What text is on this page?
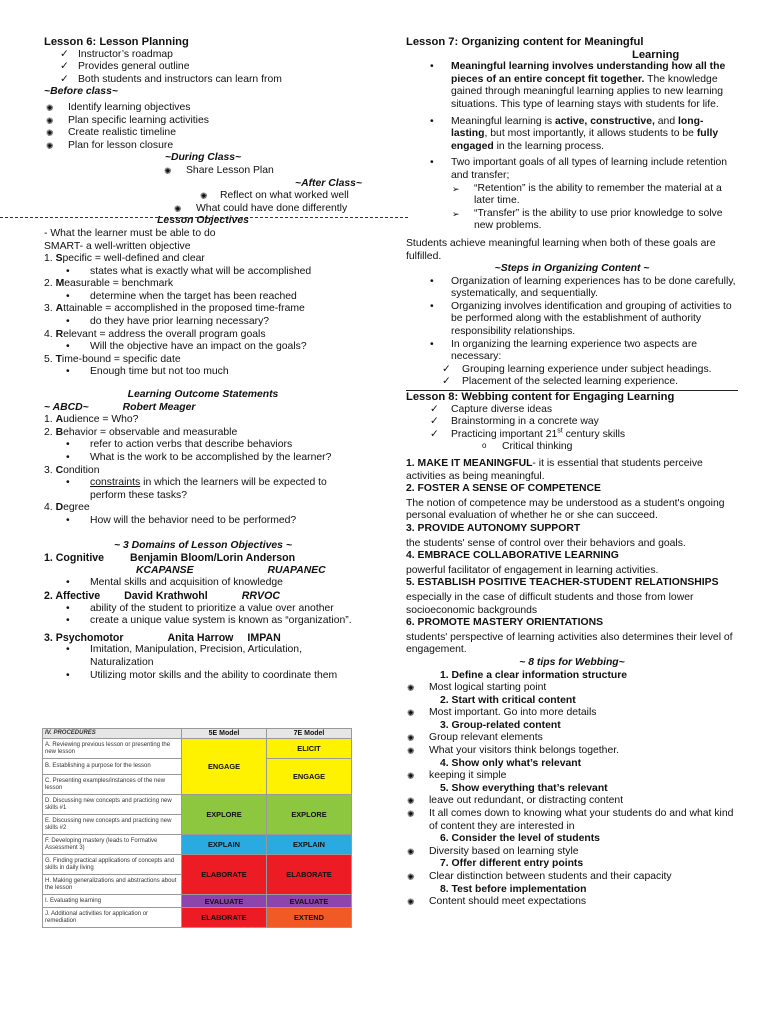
Lesson 6: Lesson Planning
✓ Instructor’s roadmap
✓ Provides general outline
✓ Both students and instructors can learn from
~Before class~
✺ Identify learning objectives
✺ Plan specific learning activities
✺ Create realistic timeline
✺ Plan for lesson closure
~During Class~
✺ Share Lesson Plan
~After Class~
✺ Reflect on what worked well
✺ What could have done differently
Lesson Objectives
- What the learner must be able to do
SMART- a well-written objective
1. Specific = well-defined and clear
• states what is exactly what will be accomplished
2. Measurable = benchmark
• determine when the target has been reached
3. Attainable = accomplished in the proposed time-frame
• do they have prior learning necessary?
4. Relevant = address the overall program goals
• Will the objective have an impact on the goals?
5. Time-bound = specific date
• Enough time but not too much
Learning Outcome Statements
~ ABCD~	Robert Meager
1. Audience = Who?
2. Behavior = observable and measurable
• refer to action verbs that describe behaviors
• What is the work to be accomplished by the learner?
3. Condition
• constraints in which the learners will be expected to perform these tasks?
4. Degree
• How will the behavior need to be performed?
~ 3 Domains of Lesson Objectives ~
1. Cognitive Benjamin Bloom/Lorin Anderson
KCAPANSE	RUAPANEC
• Mental skills and acquisition of knowledge
2. Affective David Krathwohl	RRVOC
• ability of the student to prioritize a value over another
• create a unique value system is known as “organization”.
3. Psychomotor	Anita Harrow IMPAN
• Imitation, Manipulation, Precision, Articulation, Naturalization
• Utilizing motor skills and the ability to coordinate them
IV. PROCEDURES	5E Model	7E Model
A. Reviewing previous lesson or presenting the new lesson	ENGAGE	ELICIT
B. Establishing a purpose for the lesson		ENGAGE
C. Presenting examples/instances of the new lesson		
D. Discussing new concepts and practicing new skills #1	EXPLORE	EXPLORE
E. Discussing new concepts and practicing new skills #2		
F. Developing mastery (leads to Formative Assessment 3)	EXPLAIN	EXPLAIN
G. Finding practical applications of concepts and skills in daily living	ELABORATE	ELABORATE
H. Making generalizations and abstractions about the lesson		
I. Evaluating learning	EVALUATE	EVALUATE
J. Additional activities for application or remediation	ELABORATE	EXTEND
Lesson 7: Organizing content for Meaningful
Learning
• Meaningful learning involves understanding how all the pieces of an entire concept fit together. The knowledge gained through meaningful learning applies to new learning situations. This type of learning stays with students for life.
• Meaningful learning is active, constructive, and long-lasting, but most importantly, it allows students to be fully engaged in the learning process.
• Two important goals of all types of learning include retention and transfer;
➢ “Retention” is the ability to remember the material at a later time.
➢ “Transfer” is the ability to use prior knowledge to solve new problems.
Students achieve meaningful learning when both of these goals are fulfilled.
~Steps in Organizing Content ~
• Organization of learning experiences has to be done carefully, systematically, and sequentially.
• Organizing involves identification and grouping of activities to be performed along with the establishment of authority responsibility relationships.
• In organizing the learning experience two aspects are necessary:
✓ Grouping learning experience under subject headings.
✓ Placement of the selected learning experience.
Lesson 8: Webbing content for Engaging Learning
✓ Capture diverse ideas
✓ Brainstorming in a concrete way
✓ Practicing important 21st century skills
o Critical thinking
1. MAKE IT MEANINGFUL- it is essential that students perceive activities as being meaningful.
2. FOSTER A SENSE OF COMPETENCE
The notion of competence may be understood as a student's ongoing personal evaluation of whether he or she can succeed.
3. PROVIDE AUTONOMY SUPPORT
the students' sense of control over their behaviors and goals.
4. EMBRACE COLLABORATIVE LEARNING
powerful facilitator of engagement in learning activities.
5. ESTABLISH POSITIVE TEACHER-STUDENT RELATIONSHIPS
especially in the case of difficult students and those from lower socioeconomic backgrounds
6. PROMOTE MASTERY ORIENTATIONS
students' perspective of learning activities also determines their level of engagement.
~ 8 tips for Webbing~
1. Define a clear information structure
✺ Most logical starting point
2. Start with critical content
✺ Most important. Go into more details
3. Group-related content
✺ Group relevant elements
✺ What your visitors think belongs together.
4. Show only what’s relevant
✺ keeping it simple
5. Show everything that’s relevant
✺ leave out redundant, or distracting content
✺ It all comes down to knowing what your students do and what kind of content they are interested in
6. Consider the level of students
✺ Diversity based on learning style
7. Offer different entry points
✺ Clear distinction between students and their capacity
8. Test before implementation
✺ Content should meet expectations
